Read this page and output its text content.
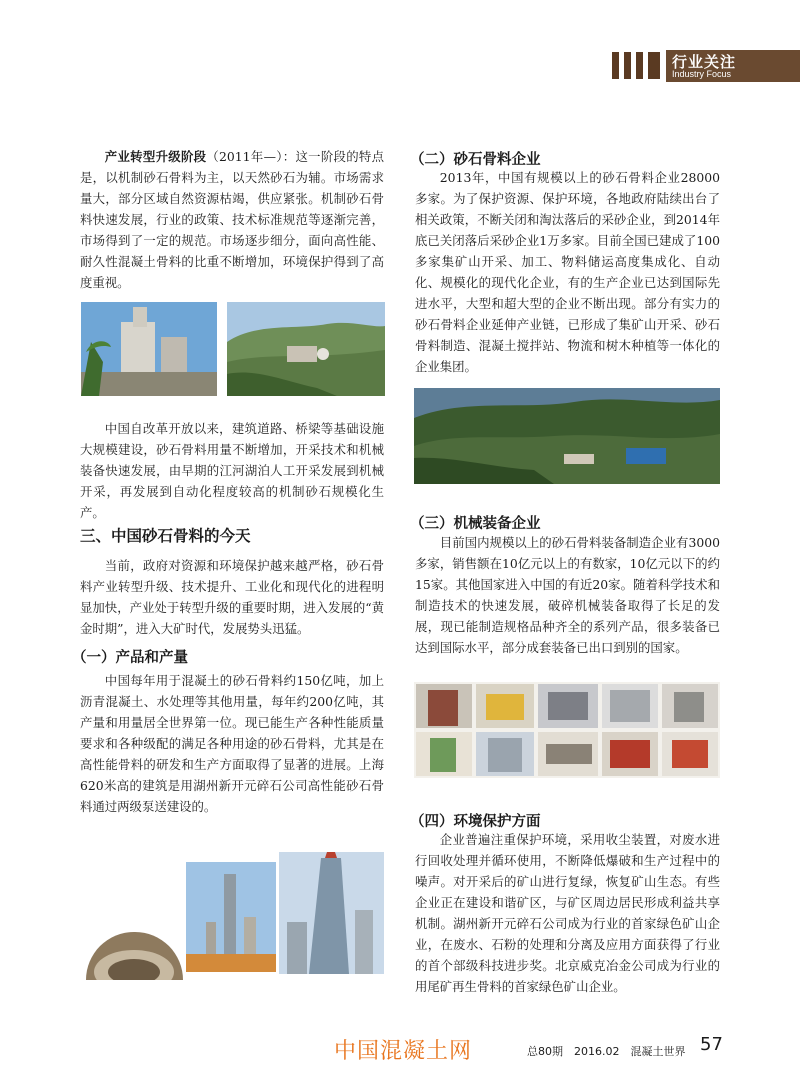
行业关注
Industry Focus

产业转型升级阶段（2011年—）：这一阶段的特点是，以机制砂石骨料为主，以天然砂石为辅。市场需求量大，部分区域自然资源枯竭，供应紧张。机制砂石骨料快速发展，行业的政策、技术标准规范等逐渐完善，市场得到了一定的规范。市场逐步细分，面向高性能、耐久性混凝土骨料的比重不断增加，环境保护得到了高度重视。

中国自改革开放以来，建筑道路、桥梁等基础设施大规模建设，砂石骨料用量不断增加，开采技术和机械装备快速发展，由早期的江河湖泊人工开采发展到机械开采，再发展到自动化程度较高的机制砂石规模化生产。

三、中国砂石骨料的今天

当前，政府对资源和环境保护越来越严格，砂石骨料产业转型升级、技术提升、工业化和现代化的进程明显加快，产业处于转型升级的重要时期，进入发展的“黄金时期”，进入大矿时代，发展势头迅猛。

（一）产品和产量

中国每年用于混凝土的砂石骨料约150亿吨，加上沥青混凝土、水处理等其他用量，每年约200亿吨，其产量和用量居全世界第一位。现已能生产各种性能质量要求和各种级配的满足各种用途的砂石骨料，尤其是在高性能骨料的研发和生产方面取得了显著的进展。上海620米高的建筑是用湖州新开元碎石公司高性能砂石骨料通过两级泵送建设的。

（二）砂石骨料企业

2013年，中国有规模以上的砂石骨料企业28000多家。为了保护资源、保护环境，各地政府陆续出台了相关政策，不断关闭和淘汰落后的采砂企业，到2014年底已关闭落后采砂企业1万多家。目前全国已建成了100多家集矿山开采、加工、物料储运高度集成化、自动化、规模化的现代化企业，有的生产企业已达到国际先进水平，大型和超大型的企业不断出现。部分有实力的砂石骨料企业延伸产业链，已形成了集矿山开采、砂石骨料制造、混凝土搅拌站、物流和树木种植等一体化的企业集团。

（三）机械装备企业

目前国内规模以上的砂石骨料装备制造企业有3000多家，销售额在10亿元以上的有数家，10亿元以下的约15家。其他国家进入中国的有近20家。随着科学技术和制造技术的快速发展，破碎机械装备取得了长足的发展，现已能制造规格品种齐全的系列产品，很多装备已达到国际水平，部分成套装备已出口到别的国家。

（四）环境保护方面

企业普遍注重保护环境，采用收尘装置，对废水进行回收处理并循环使用，不断降低爆破和生产过程中的噪声。对开采后的矿山进行复绿，恢复矿山生态。有些企业正在建设和谐矿区，与矿区周边居民形成利益共享机制。湖州新开元碎石公司成为行业的首家绿色矿山企业，在废水、石粉的处理和分离及应用方面获得了行业的首个部级科技进步奖。北京威克冶金公司成为行业的用尾矿再生骨料的首家绿色矿山企业。

中国混凝土网	总80期　2016.02　混凝土世界 57
